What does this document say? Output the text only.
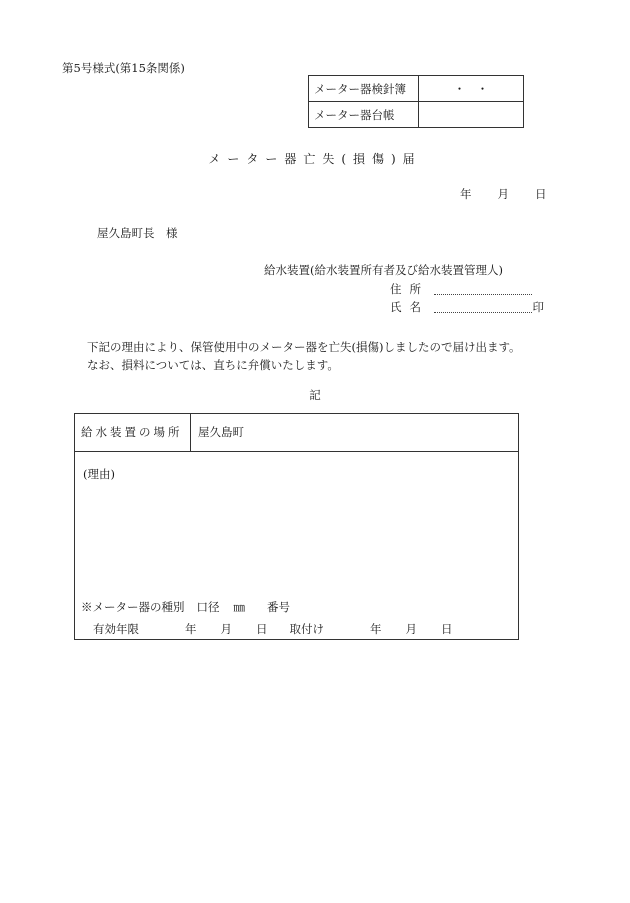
第5号様式(第15条関係)
メーター器検針簿	・　・
メーター器台帳	
メーター器亡失(損傷)届
年 月 日
屋久島町長　様
給水装置(給水装置所有者及び給水装置管理人)
住所
氏名	印
下記の理由により、保管使用中のメーター器を亡失(損傷)しましたので届け出ます。
なお、損料については、直ちに弁償いたします。
記
給水装置の場所	屋久島町
(理由)
※メーター器の種別 口径 ㎜ 番号
有効年限	年 月 日 取付け	年 月 日
